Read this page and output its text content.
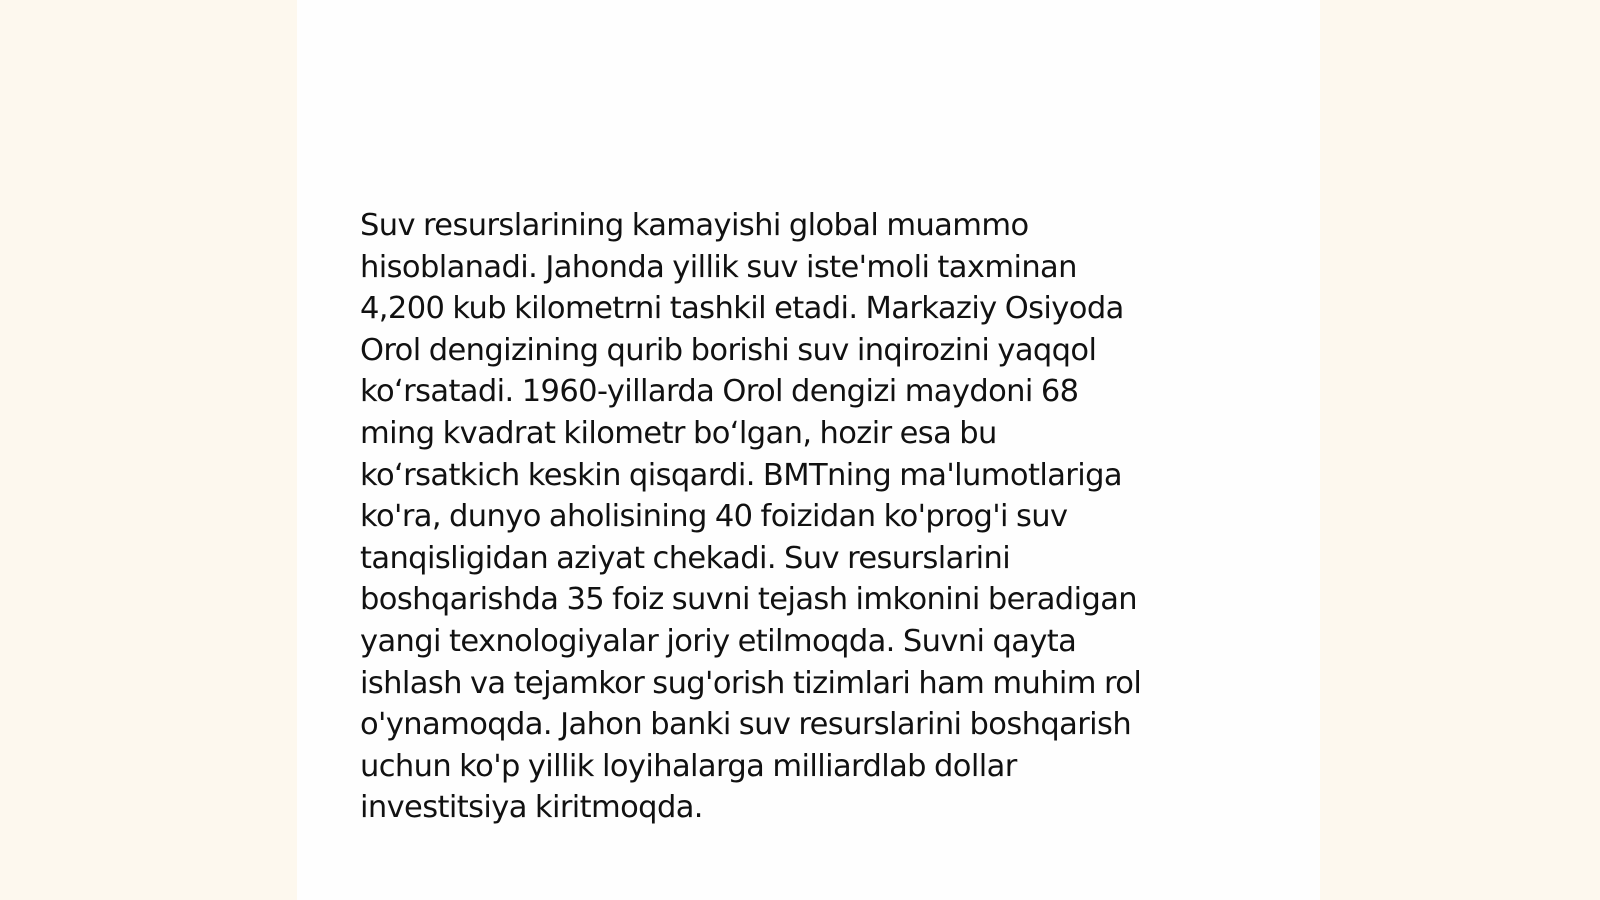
Suv resurslarining kamayishi global muammo
hisoblanadi. Jahonda yillik suv iste'moli taxminan
4,200 kub kilometrni tashkil etadi. Markaziy Osiyoda
Orol dengizining qurib borishi suv inqirozini yaqqol
ko‘rsatadi. 1960-yillarda Orol dengizi maydoni 68
ming kvadrat kilometr bo‘lgan, hozir esa bu
ko‘rsatkich keskin qisqardi. BMTning ma'lumotlariga
ko'ra, dunyo aholisining 40 foizidan ko'prog'i suv
tanqisligidan aziyat chekadi. Suv resurslarini
boshqarishda 35 foiz suvni tejash imkonini beradigan
yangi texnologiyalar joriy etilmoqda. Suvni qayta
ishlash va tejamkor sug'orish tizimlari ham muhim rol
o'ynamoqda. Jahon banki suv resurslarini boshqarish
uchun ko'p yillik loyihalarga milliardlab dollar
investitsiya kiritmoqda.
